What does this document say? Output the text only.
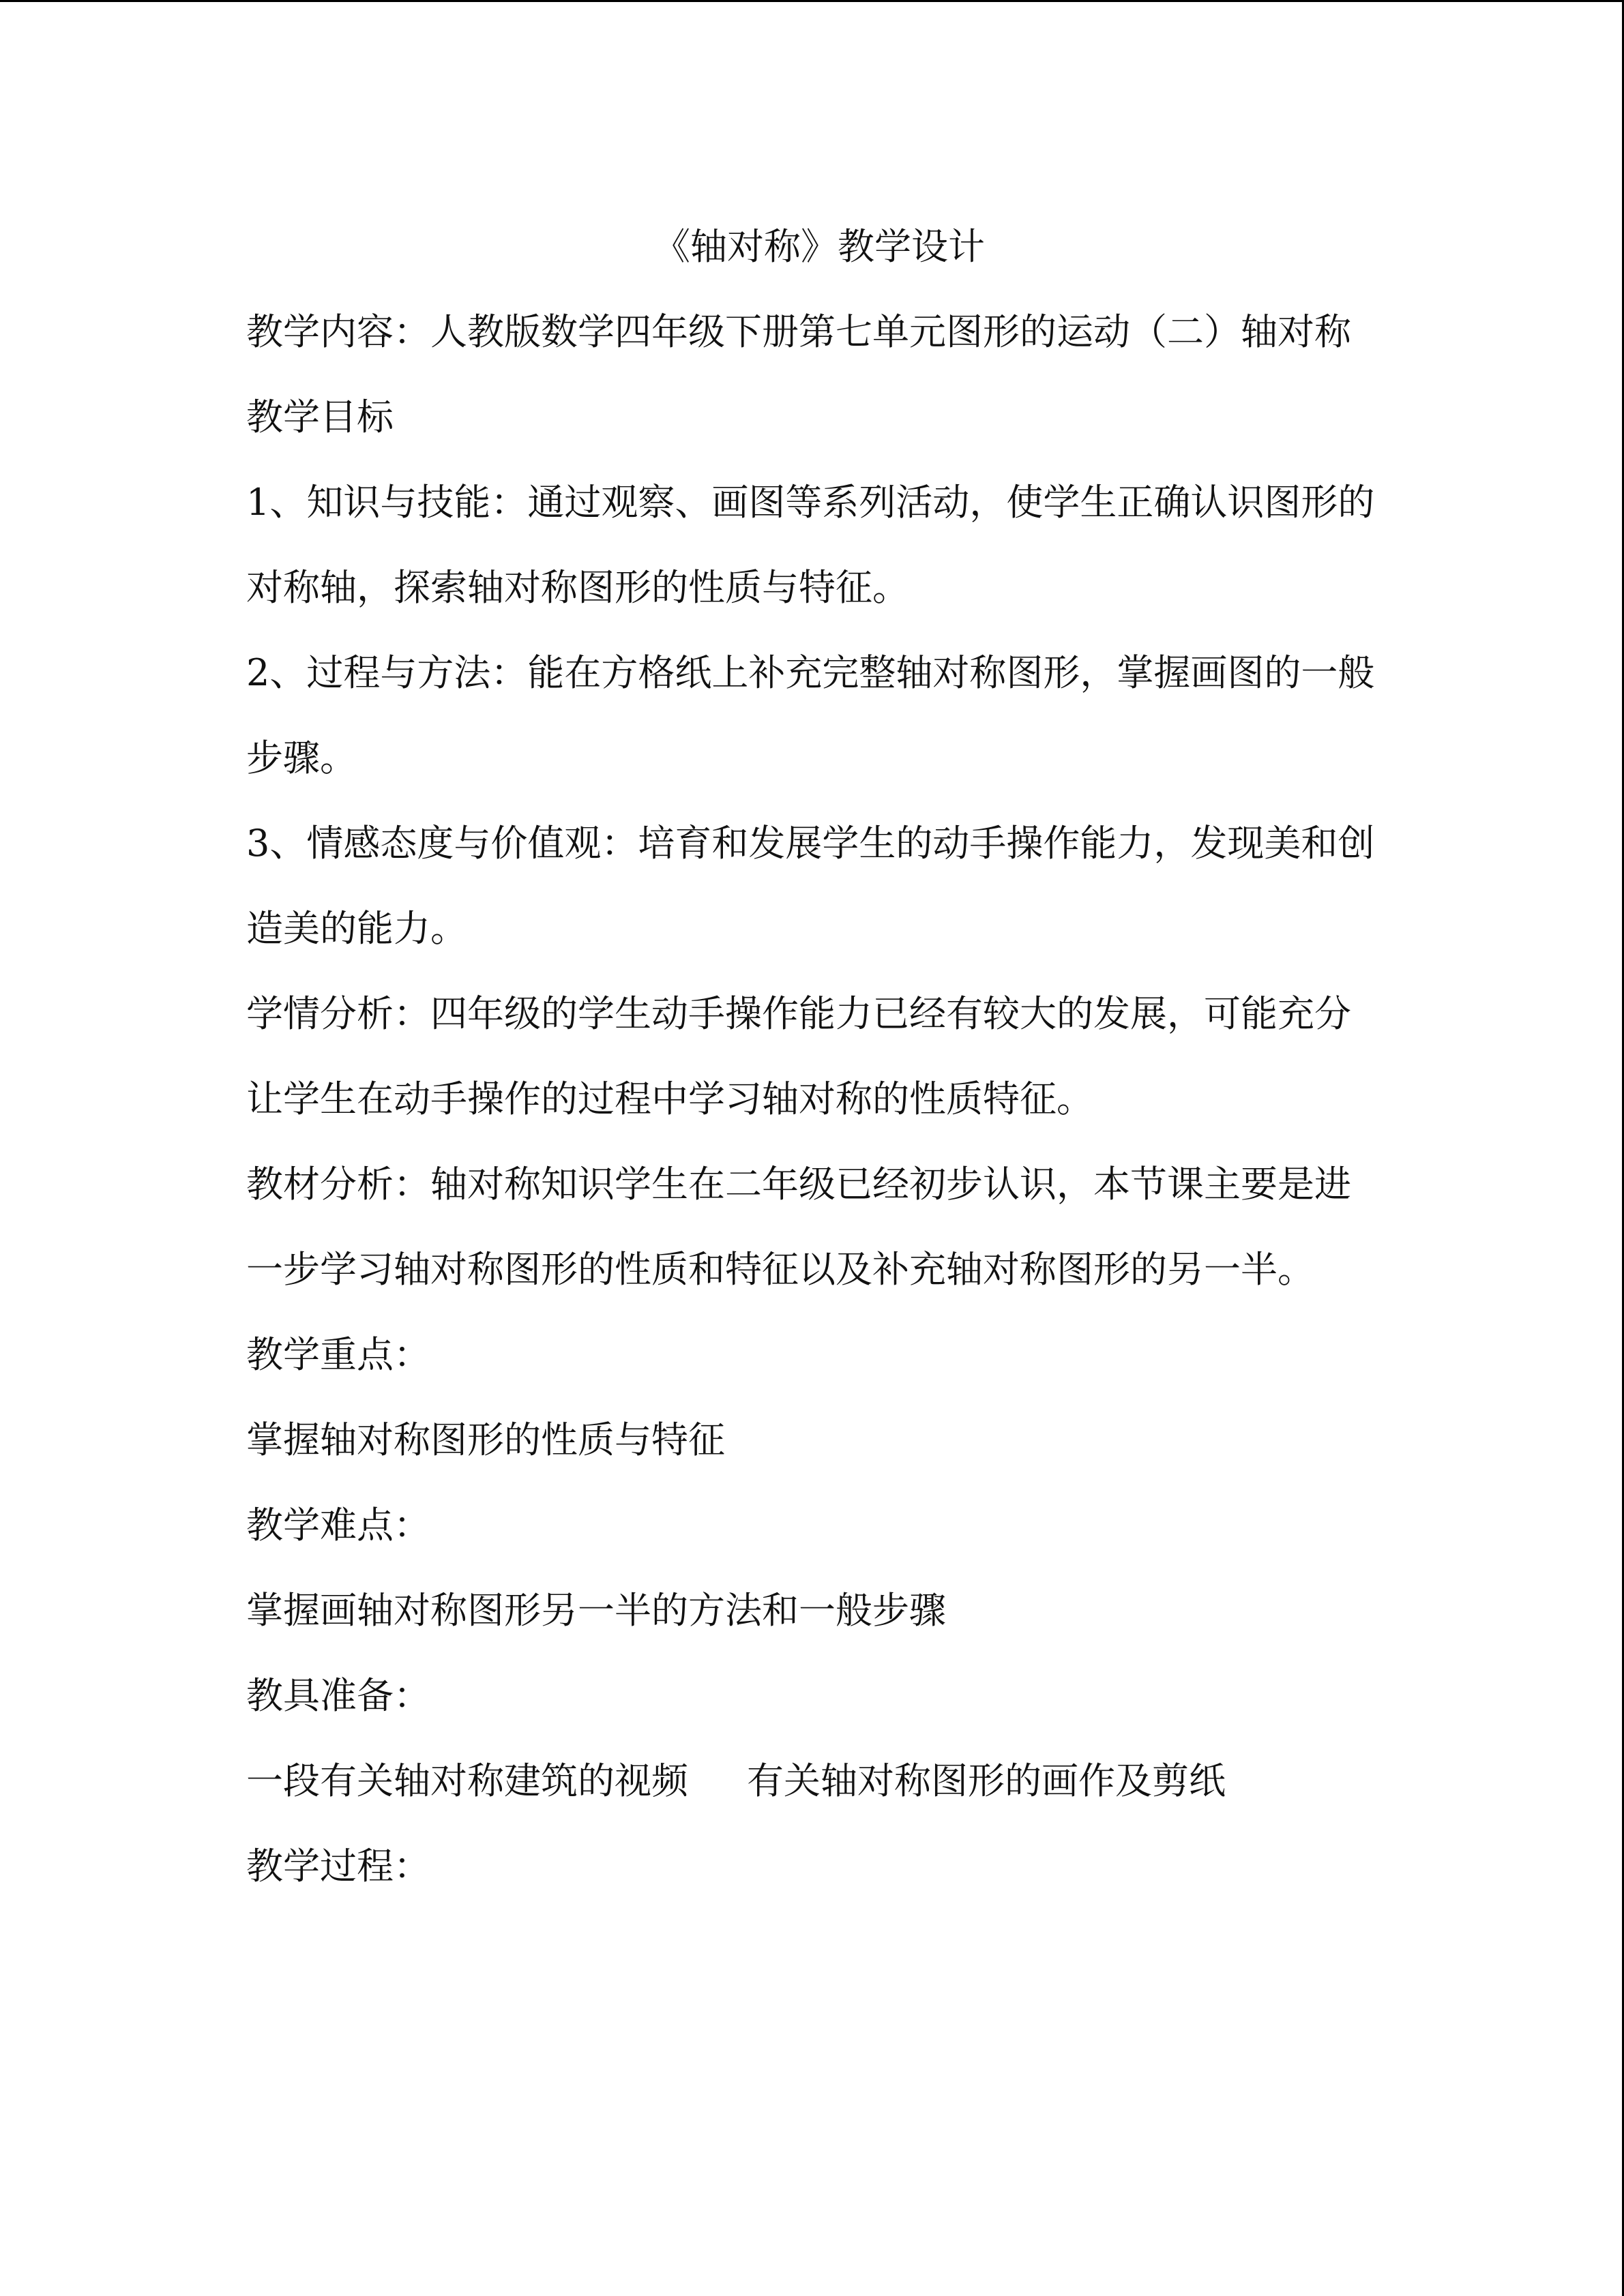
《轴对称》教学设计

教学内容：人教版数学四年级下册第七单元图形的运动（二）轴对称

教学目标

1、知识与技能：通过观察、画图等系列活动，使学生正确认识图形的对称轴，探索轴对称图形的性质与特征。

2、过程与方法：能在方格纸上补充完整轴对称图形，掌握画图的一般步骤。

3、情感态度与价值观：培育和发展学生的动手操作能力，发现美和创造美的能力。

学情分析：四年级的学生动手操作能力已经有较大的发展，可能充分让学生在动手操作的过程中学习轴对称的性质特征。

教材分析：轴对称知识学生在二年级已经初步认识，本节课主要是进一步学习轴对称图形的性质和特征以及补充轴对称图形的另一半。

教学重点：

掌握轴对称图形的性质与特征

教学难点：

掌握画轴对称图形另一半的方法和一般步骤

教具准备：

一段有关轴对称建筑的视频 有关轴对称图形的画作及剪纸

教学过程：
